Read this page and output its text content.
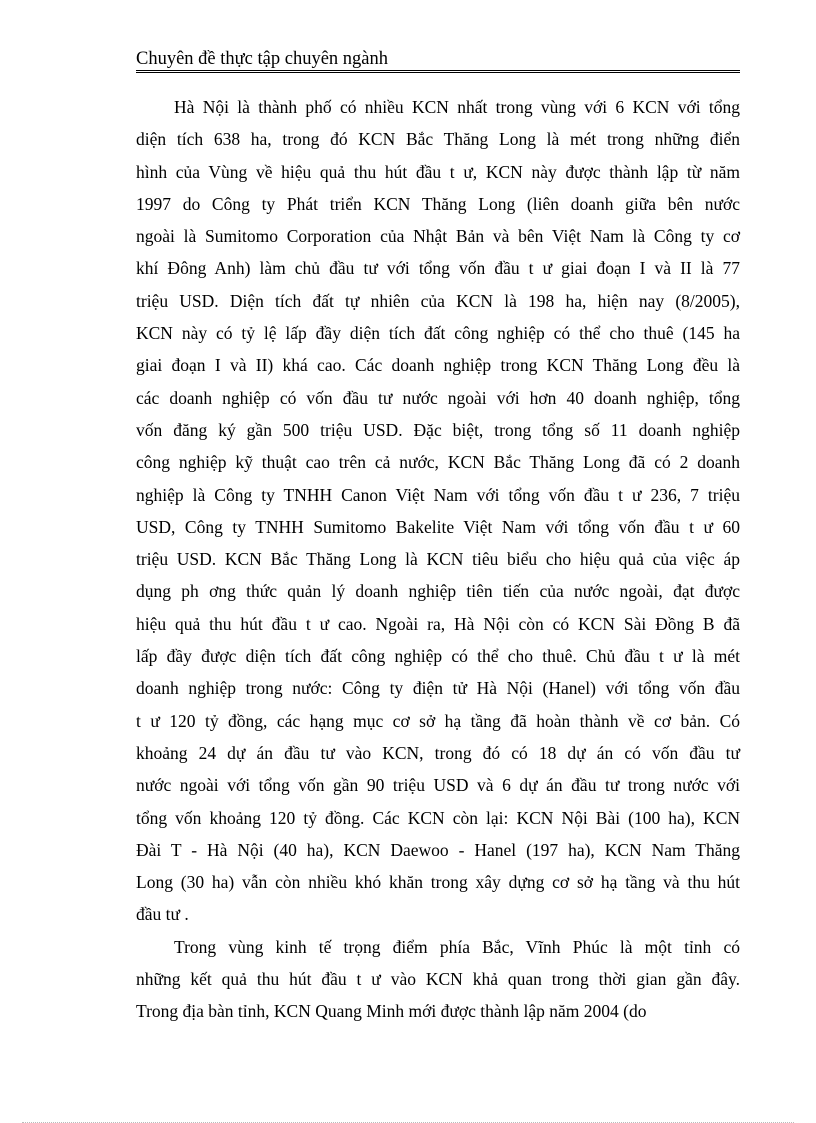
Chuyên đề thực tập chuyên ngành
Hà Nội là thành phố có nhiều KCN nhất trong vùng với 6 KCN với tổng
diện tích 638 ha, trong đó KCN Bắc Thăng Long là mét trong những điển
hình của Vùng về hiệu quả thu hút đầu t ư, KCN này được thành lập từ năm
1997 do Công ty Phát triển KCN Thăng Long (liên doanh giữa bên nước
ngoài là Sumitomo Corporation của Nhật Bản và bên Việt Nam là Công ty cơ
khí Đông Anh) làm chủ đầu tư với tổng vốn đầu t ư giai đoạn I và II là 77
triệu USD. Diện tích đất tự nhiên của KCN là 198 ha, hiện nay (8/2005),
KCN này có tỷ lệ lấp đầy diện tích đất công nghiệp có thể cho thuê (145 ha
giai đoạn I và II) khá cao. Các doanh nghiệp trong KCN Thăng Long đều là
các doanh nghiệp có vốn đầu tư nước ngoài với hơn 40 doanh nghiệp, tổng
vốn đăng ký gần 500 triệu USD. Đặc biệt, trong tổng số 11 doanh nghiệp
công nghiệp kỹ thuật cao trên cả nước, KCN Bắc Thăng Long đã có 2 doanh
nghiệp là Công ty TNHH Canon Việt Nam với tổng vốn đầu t ư 236, 7 triệu
USD, Công ty TNHH Sumitomo Bakelite Việt Nam với tổng vốn đầu t ư 60
triệu USD. KCN Bắc Thăng Long là KCN tiêu biểu cho hiệu quả của việc áp
dụng ph ơng thức quản lý doanh nghiệp tiên tiến của nước ngoài, đạt được
hiệu quả thu hút đầu t ư cao. Ngoài ra, Hà Nội còn có KCN Sài Đồng B đã
lấp đầy được diện tích đất công nghiệp có thể cho thuê. Chủ đầu t ư là mét
doanh nghiệp trong nước: Công ty điện tử Hà Nội (Hanel) với tổng vốn đầu
t ư 120 tỷ đồng, các hạng mục cơ sở hạ tầng đã hoàn thành về cơ bản. Có
khoảng 24 dự án đầu tư vào KCN, trong đó có 18 dự án có vốn đầu tư
nước ngoài với tổng vốn gần 90 triệu USD và 6 dự án đầu tư trong nước với
tổng vốn khoảng 120 tỷ đồng. Các KCN còn lại: KCN Nội Bài (100 ha), KCN
Đài T - Hà Nội (40 ha), KCN Daewoo - Hanel (197 ha), KCN Nam Thăng
Long (30 ha) vẫn còn nhiều khó khăn trong xây dựng cơ sở hạ tầng và thu hút
đầu tư .
Trong vùng kinh tế trọng điểm phía Bắc, Vĩnh Phúc là một tỉnh có
những kết quả thu hút đầu t ư vào KCN khả quan trong thời gian gần đây.
Trong địa bàn tỉnh, KCN Quang Minh mới được thành lập năm 2004 (do
